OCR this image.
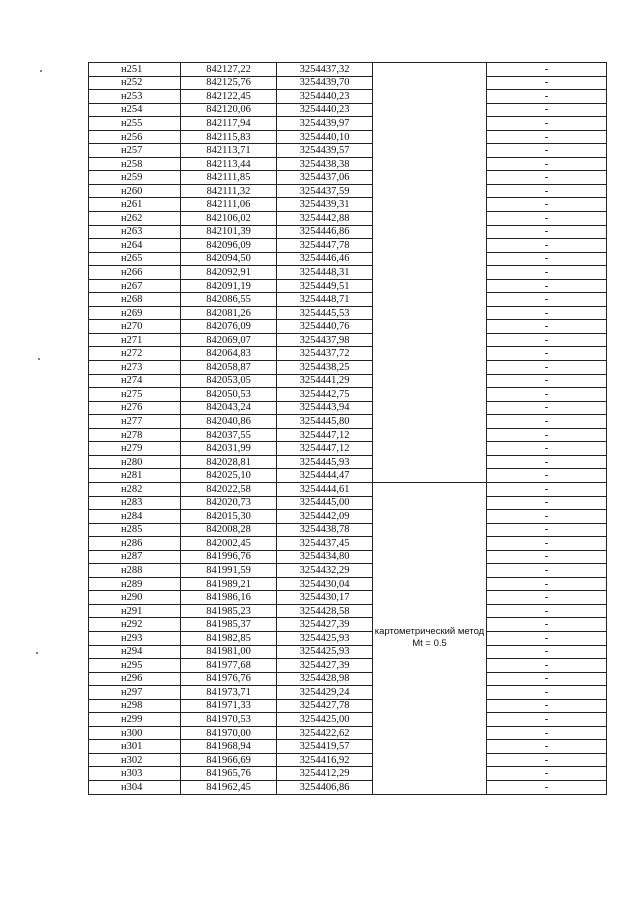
н251	842127,22	3254437,32		-
н252	842125,76	3254439,70		-
н253	842122,45	3254440,23		-
н254	842120,06	3254440,23		-
н255	842117,94	3254439,97		-
н256	842115,83	3254440,10		-
н257	842113,71	3254439,57		-
н258	842113,44	3254438,38		-
н259	842111,85	3254437,06		-
н260	842111,32	3254437,59		-
н261	842111,06	3254439,31		-
н262	842106,02	3254442,88		-
н263	842101,39	3254446,86		-
н264	842096,09	3254447,78		-
н265	842094,50	3254446,46		-
н266	842092,91	3254448,31		-
н267	842091,19	3254449,51		-
н268	842086,55	3254448,71		-
н269	842081,26	3254445,53		-
н270	842076,09	3254440,76		-
н271	842069,07	3254437,98		-
н272	842064,83	3254437,72		-
н273	842058,87	3254438,25		-
н274	842053,05	3254441,29		-
н275	842050,53	3254442,75		-
н276	842043,24	3254443,94		-
н277	842040,86	3254445,80		-
н278	842037,55	3254447,12		-
н279	842031,99	3254447,12		-
н280	842028,81	3254445,93		-
н281	842025,10	3254444,47		-
н282	842022,58	3254444,61	картометрический метод Mt = 0.5	-
н283	842020,73	3254445,00		-
н284	842015,30	3254442,09		-
н285	842008,28	3254438,78		-
н286	842002,45	3254437,45		-
н287	841996,76	3254434,80		-
н288	841991,59	3254432,29		-
н289	841989,21	3254430,04		-
н290	841986,16	3254430,17		-
н291	841985,23	3254428,58		-
н292	841985,37	3254427,39		-
н293	841982,85	3254425,93		-
н294	841981,00	3254425,93		-
н295	841977,68	3254427,39		-
н296	841976,76	3254428,98		-
н297	841973,71	3254429,24		-
н298	841971,33	3254427,78		-
н299	841970,53	3254425,00		-
н300	841970,00	3254422,62		-
н301	841968,94	3254419,57		-
н302	841966,69	3254416,92		-
н303	841965,76	3254412,29		-
н304	841962,45	3254406,86		-
